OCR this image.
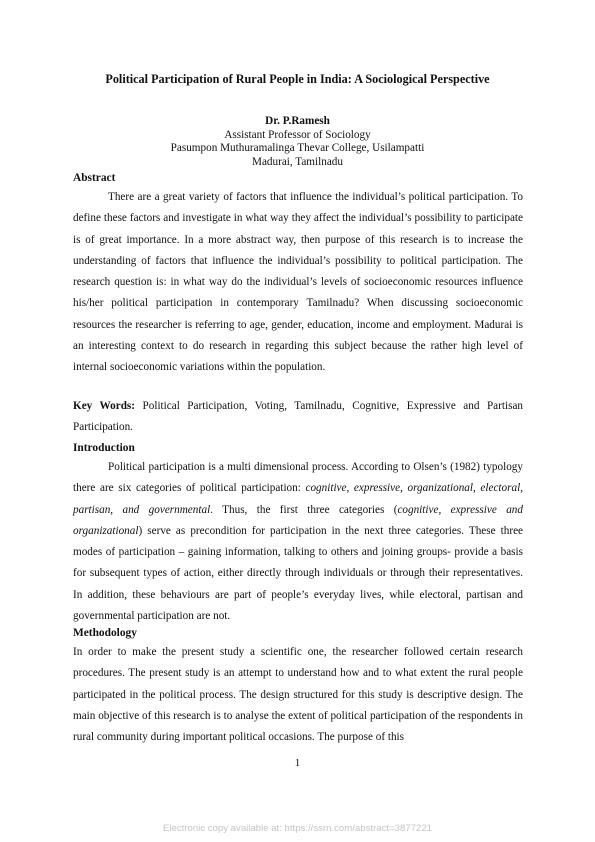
Political Participation of Rural People in India: A Sociological Perspective
Dr. P.Ramesh
Assistant Professor of Sociology
Pasumpon Muthuramalinga Thevar College, Usilampatti
Madurai, Tamilnadu
Abstract

There are a great variety of factors that influence the individual’s political participation. To define these factors and investigate in what way they affect the individual’s possibility to participate is of great importance. In a more abstract way, then purpose of this research is to increase the understanding of factors that influence the individual’s possibility to political participation. The research question is: in what way do the individual’s levels of socioeconomic resources influence his/her political participation in contemporary Tamilnadu? When discussing socioeconomic resources the researcher is referring to age, gender, education, income and employment. Madurai is an interesting context to do research in regarding this subject because the rather high level of internal socioeconomic variations within the population.

Key Words: Political Participation, Voting, Tamilnadu, Cognitive, Expressive and Partisan Participation.

Introduction

Political participation is a multi dimensional process. According to Olsen’s (1982) typology there are six categories of political participation: cognitive, expressive, organizational, electoral, partisan, and governmental. Thus, the first three categories (cognitive, expressive and organizational) serve as precondition for participation in the next three categories. These three modes of participation – gaining information, talking to others and joining groups- provide a basis for subsequent types of action, either directly through individuals or through their representatives. In addition, these behaviours are part of people’s everyday lives, while electoral, partisan and governmental participation are not.

Methodology

In order to make the present study a scientific one, the researcher followed certain research procedures. The present study is an attempt to understand how and to what extent the rural people participated in the political process. The design structured for this study is descriptive design. The main objective of this research is to analyse the extent of political participation of the respondents in rural community during important political occasions. The purpose of this

1
Electronic copy available at: https://ssrn.com/abstract=3877221
